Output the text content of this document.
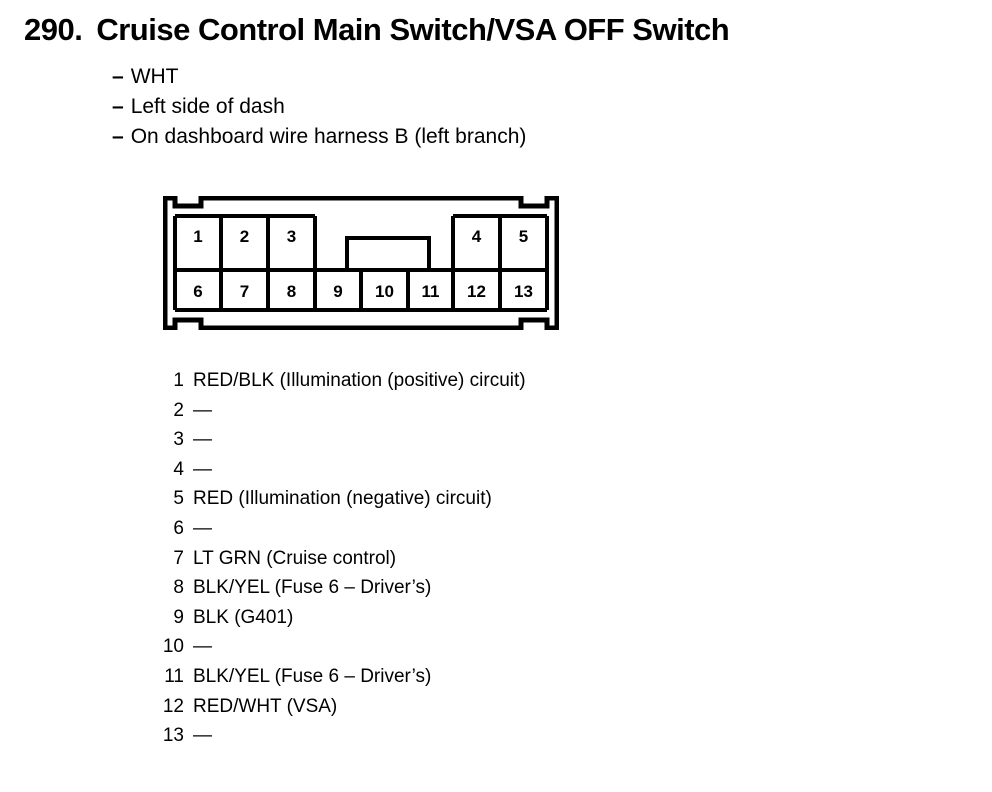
290. Cruise Control Main Switch/VSA OFF Switch
– WHT
– Left side of dash
– On dashboard wire harness B (left branch)
1	2	3	4	5
6	7	8	9	10	11	12	13
1 RED/BLK (Illumination (positive) circuit)
2 —
3 —
4 —
5 RED (Illumination (negative) circuit)
6 —
7 LT GRN (Cruise control)
8 BLK/YEL (Fuse 6 – Driver’s)
9 BLK (G401)
10 —
11 BLK/YEL (Fuse 6 – Driver’s)
12 RED/WHT (VSA)
13 —
